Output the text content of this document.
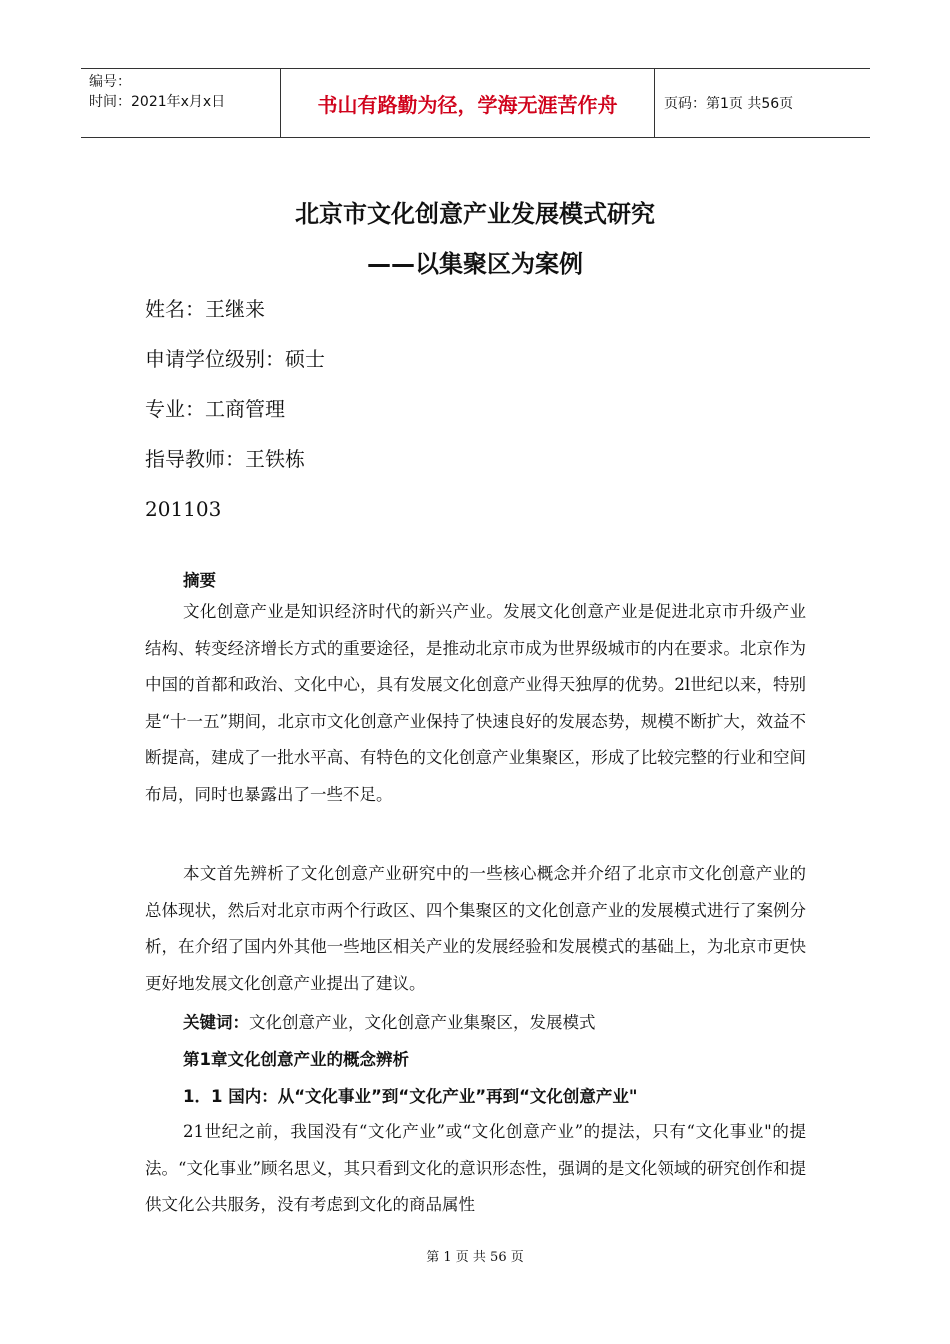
编号：
时间：2021年x月x日	书山有路勤为径，学海无涯苦作舟	页码：第1页 共56页
北京市文化创意产业发展模式研究
——以集聚区为案例
姓名：王继来
申请学位级别：硕士
专业：工商管理
指导教师：王铁栋
201103
摘要

文化创意产业是知识经济时代的新兴产业。发展文化创意产业是促进北京市升级产业结构、转变经济增长方式的重要途径，是推动北京市成为世界级城市的内在要求。北京作为中国的首都和政治、文化中心，具有发展文化创意产业得天独厚的优势。2l世纪以来，特别是“十一五”期间，北京市文化创意产业保持了快速良好的发展态势，规模不断扩大，效益不断提高，建成了一批水平高、有特色的文化创意产业集聚区，形成了比较完整的行业和空间布局，同时也暴露出了一些不足。

本文首先辨析了文化创意产业研究中的一些核心概念并介绍了北京市文化创意产业的总体现状，然后对北京市两个行政区、四个集聚区的文化创意产业的发展模式进行了案例分析，在介绍了国内外其他一些地区相关产业的发展经验和发展模式的基础上，为北京市更快更好地发展文化创意产业提出了建议。

关键词：文化创意产业，文化创意产业集聚区，发展模式
第1章文化创意产业的概念辨析
1．1 国内：从“文化事业”到“文化产业”再到“文化创意产业"

21世纪之前，我国没有“文化产业”或“文化创意产业”的提法，只有“文化事业"的提法。“文化事业”顾名思义，其只看到文化的意识形态性，强调的是文化领域的研究创作和提供文化公共服务，没有考虑到文化的商品属性

第 1 页 共 56 页
